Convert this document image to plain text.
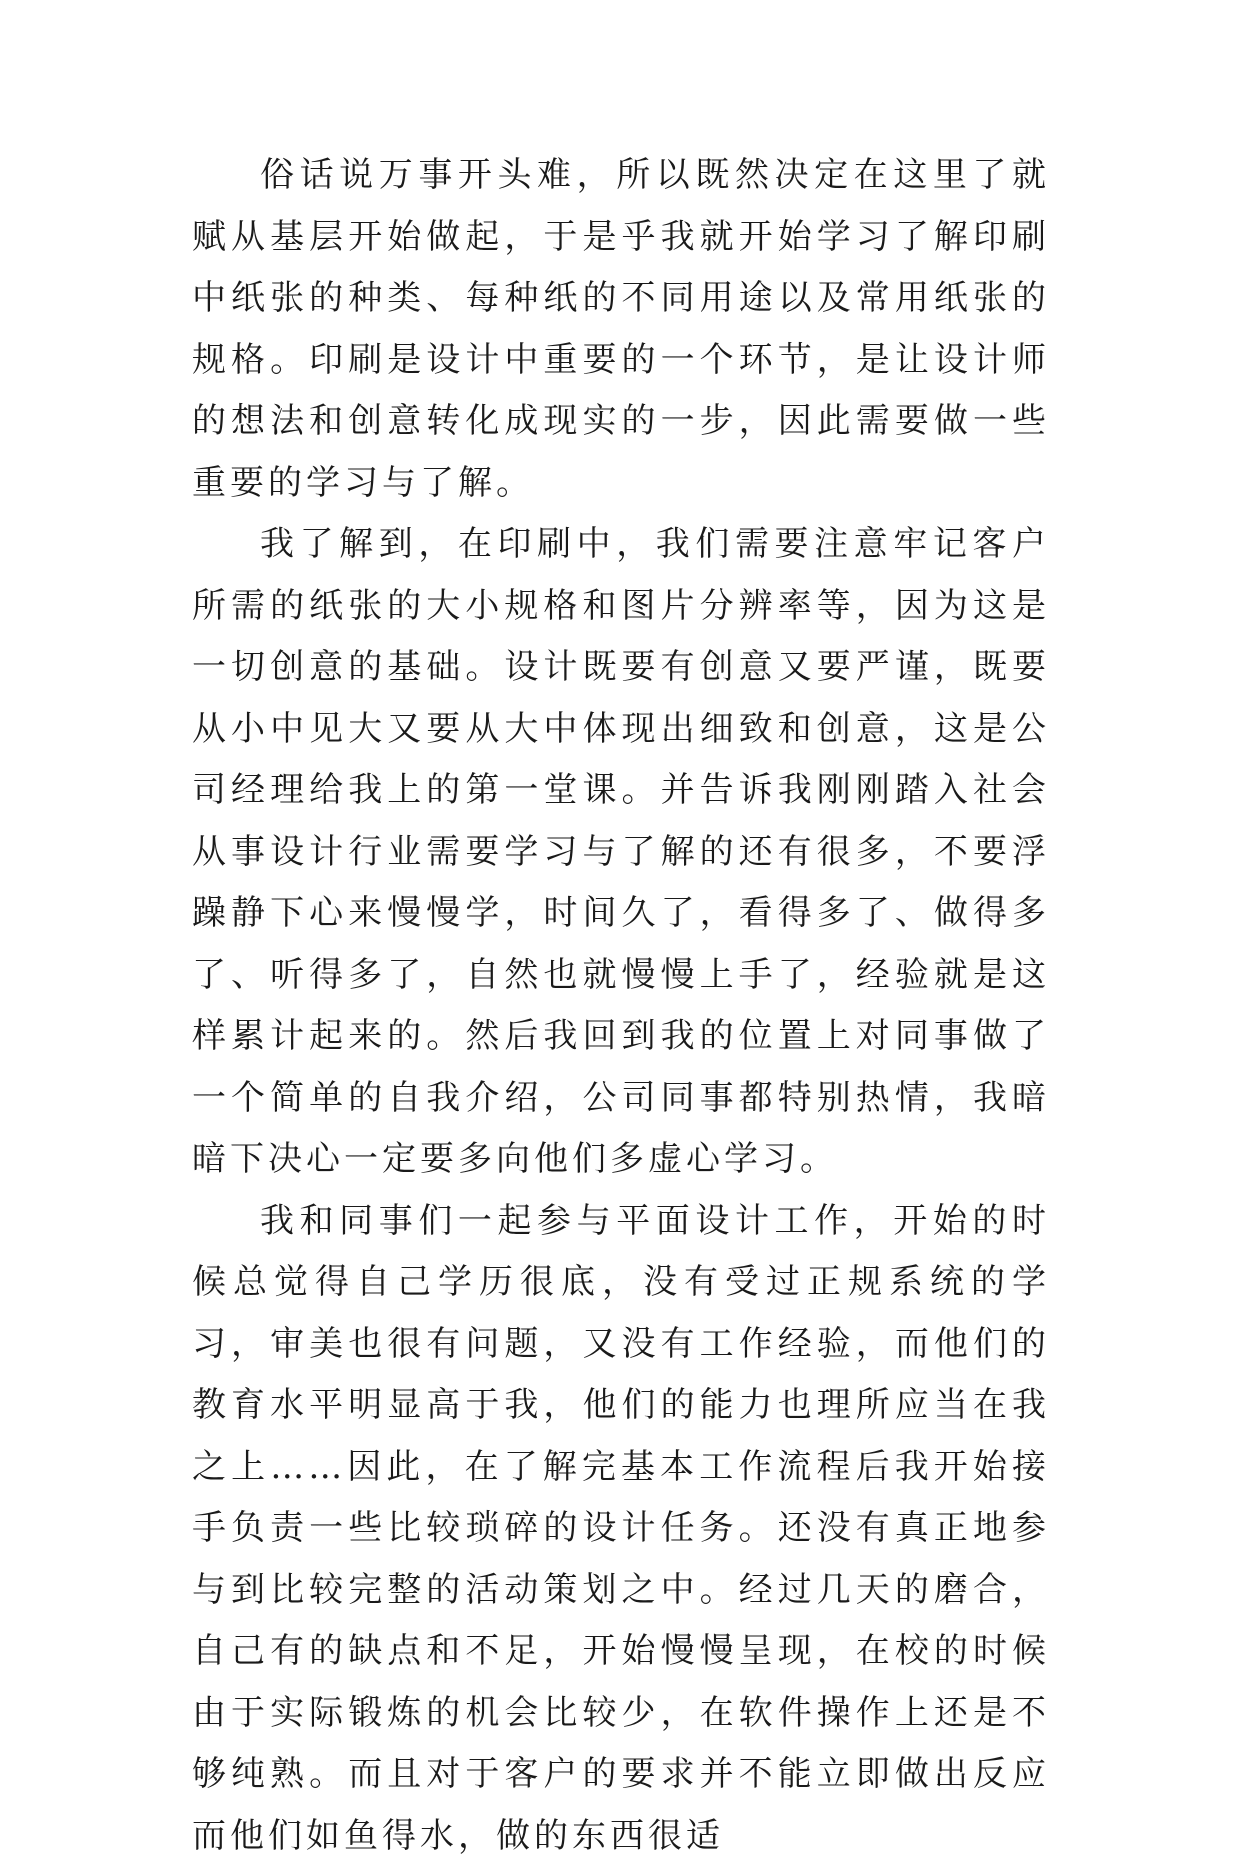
俗话说万事开头难，所以既然决定在这里了就赋从基层开始做起，于是乎我就开始学习了解印刷中纸张的种类、每种纸的不同用途以及常用纸张的规格。印刷是设计中重要的一个环节，是让设计师的想法和创意转化成现实的一步，因此需要做一些重要的学习与了解。

我了解到，在印刷中，我们需要注意牢记客户所需的纸张的大小规格和图片分辨率等，因为这是一切创意的基础。设计既要有创意又要严谨，既要从小中见大又要从大中体现出细致和创意，这是公司经理给我上的第一堂课。并告诉我刚刚踏入社会从事设计行业需要学习与了解的还有很多，不要浮躁静下心来慢慢学，时间久了，看得多了、做得多了、听得多了，自然也就慢慢上手了，经验就是这样累计起来的。然后我回到我的位置上对同事做了一个简单的自我介绍，公司同事都特别热情，我暗暗下决心一定要多向他们多虚心学习。

我和同事们一起参与平面设计工作，开始的时候总觉得自己学历很底，没有受过正规系统的学习，审美也很有问题，又没有工作经验，而他们的教育水平明显高于我，他们的能力也理所应当在我之上……因此，在了解完基本工作流程后我开始接手负责一些比较琐碎的设计任务。还没有真正地参与到比较完整的活动策划之中。经过几天的磨合，自己有的缺点和不足，开始慢慢呈现，在校的时候由于实际锻炼的机会比较少，在软件操作上还是不够纯熟。而且对于客户的要求并不能立即做出反应而他们如鱼得水，做的东西很适
